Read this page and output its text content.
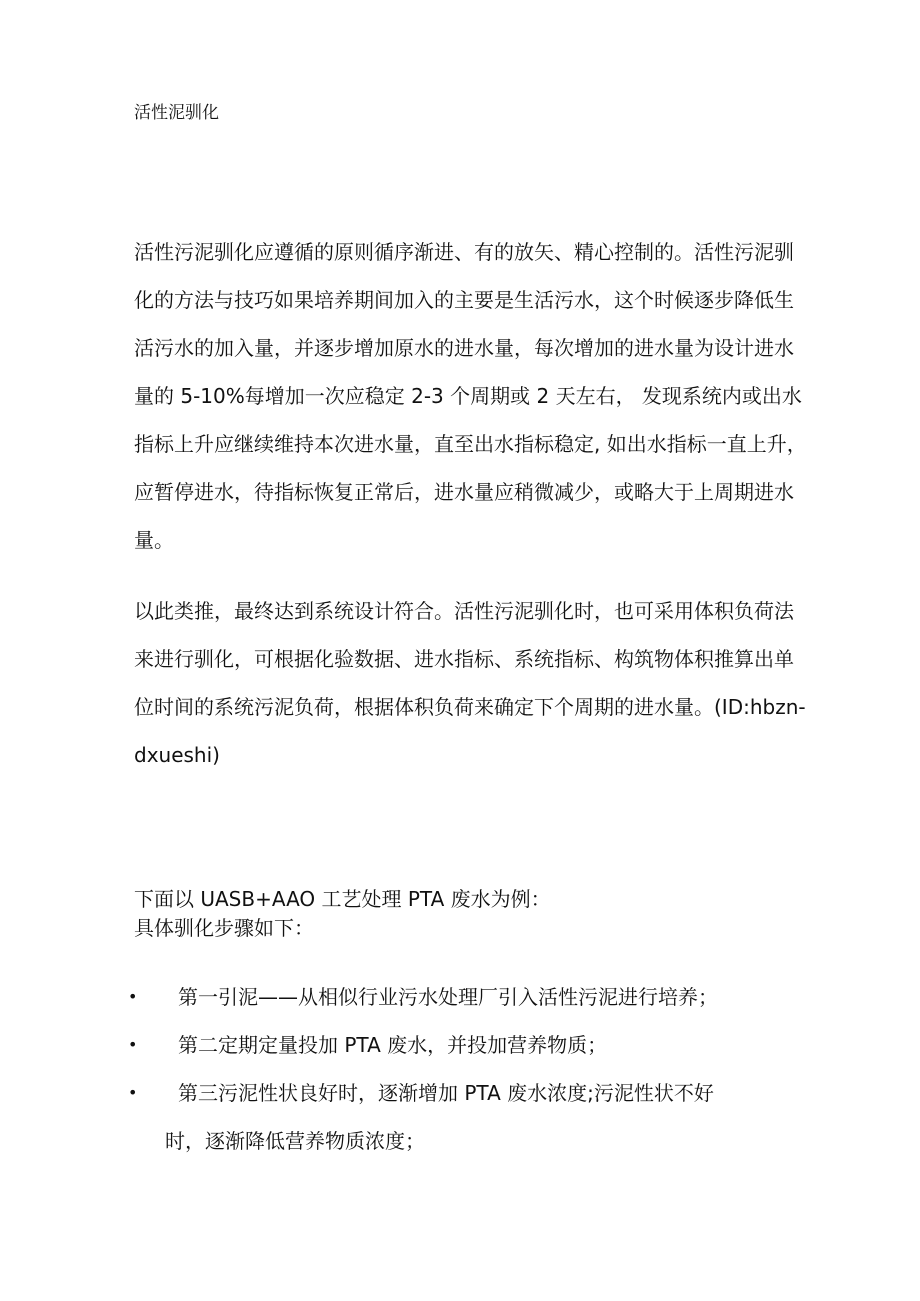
活性泥驯化
活性污泥驯化应遵循的原则循序渐进、有的放矢、精心控制的。活性污泥驯
化的方法与技巧如果培养期间加入的主要是生活污水，这个时候逐步降低生
活污水的加入量，并逐步增加原水的进水量，每次增加的进水量为设计进水
量的 5-10%每增加一次应稳定 2-3 个周期或 2 天左右， 发现系统内或出水
指标上升应继续维持本次进水量，直至出水指标稳定, 如出水指标一直上升，
应暂停进水，待指标恢复正常后，进水量应稍微减少，或略大于上周期进水
量。
以此类推，最终达到系统设计符合。活性污泥驯化时，也可采用体积负荷法
来进行驯化，可根据化验数据、进水指标、系统指标、构筑物体积推算出单
位时间的系统污泥负荷，根据体积负荷来确定下个周期的进水量。(ID:hbzn-
dxueshi)
下面以 UASB+AAO 工艺处理 PTA 废水为例：
具体驯化步骤如下：
•	第一引泥——从相似行业污水处理厂引入活性污泥进行培养；
•	第二定期定量投加 PTA 废水，并投加营养物质；
•	第三污泥性状良好时，逐渐增加 PTA 废水浓度;污泥性状不好
时，逐渐降低营养物质浓度；
